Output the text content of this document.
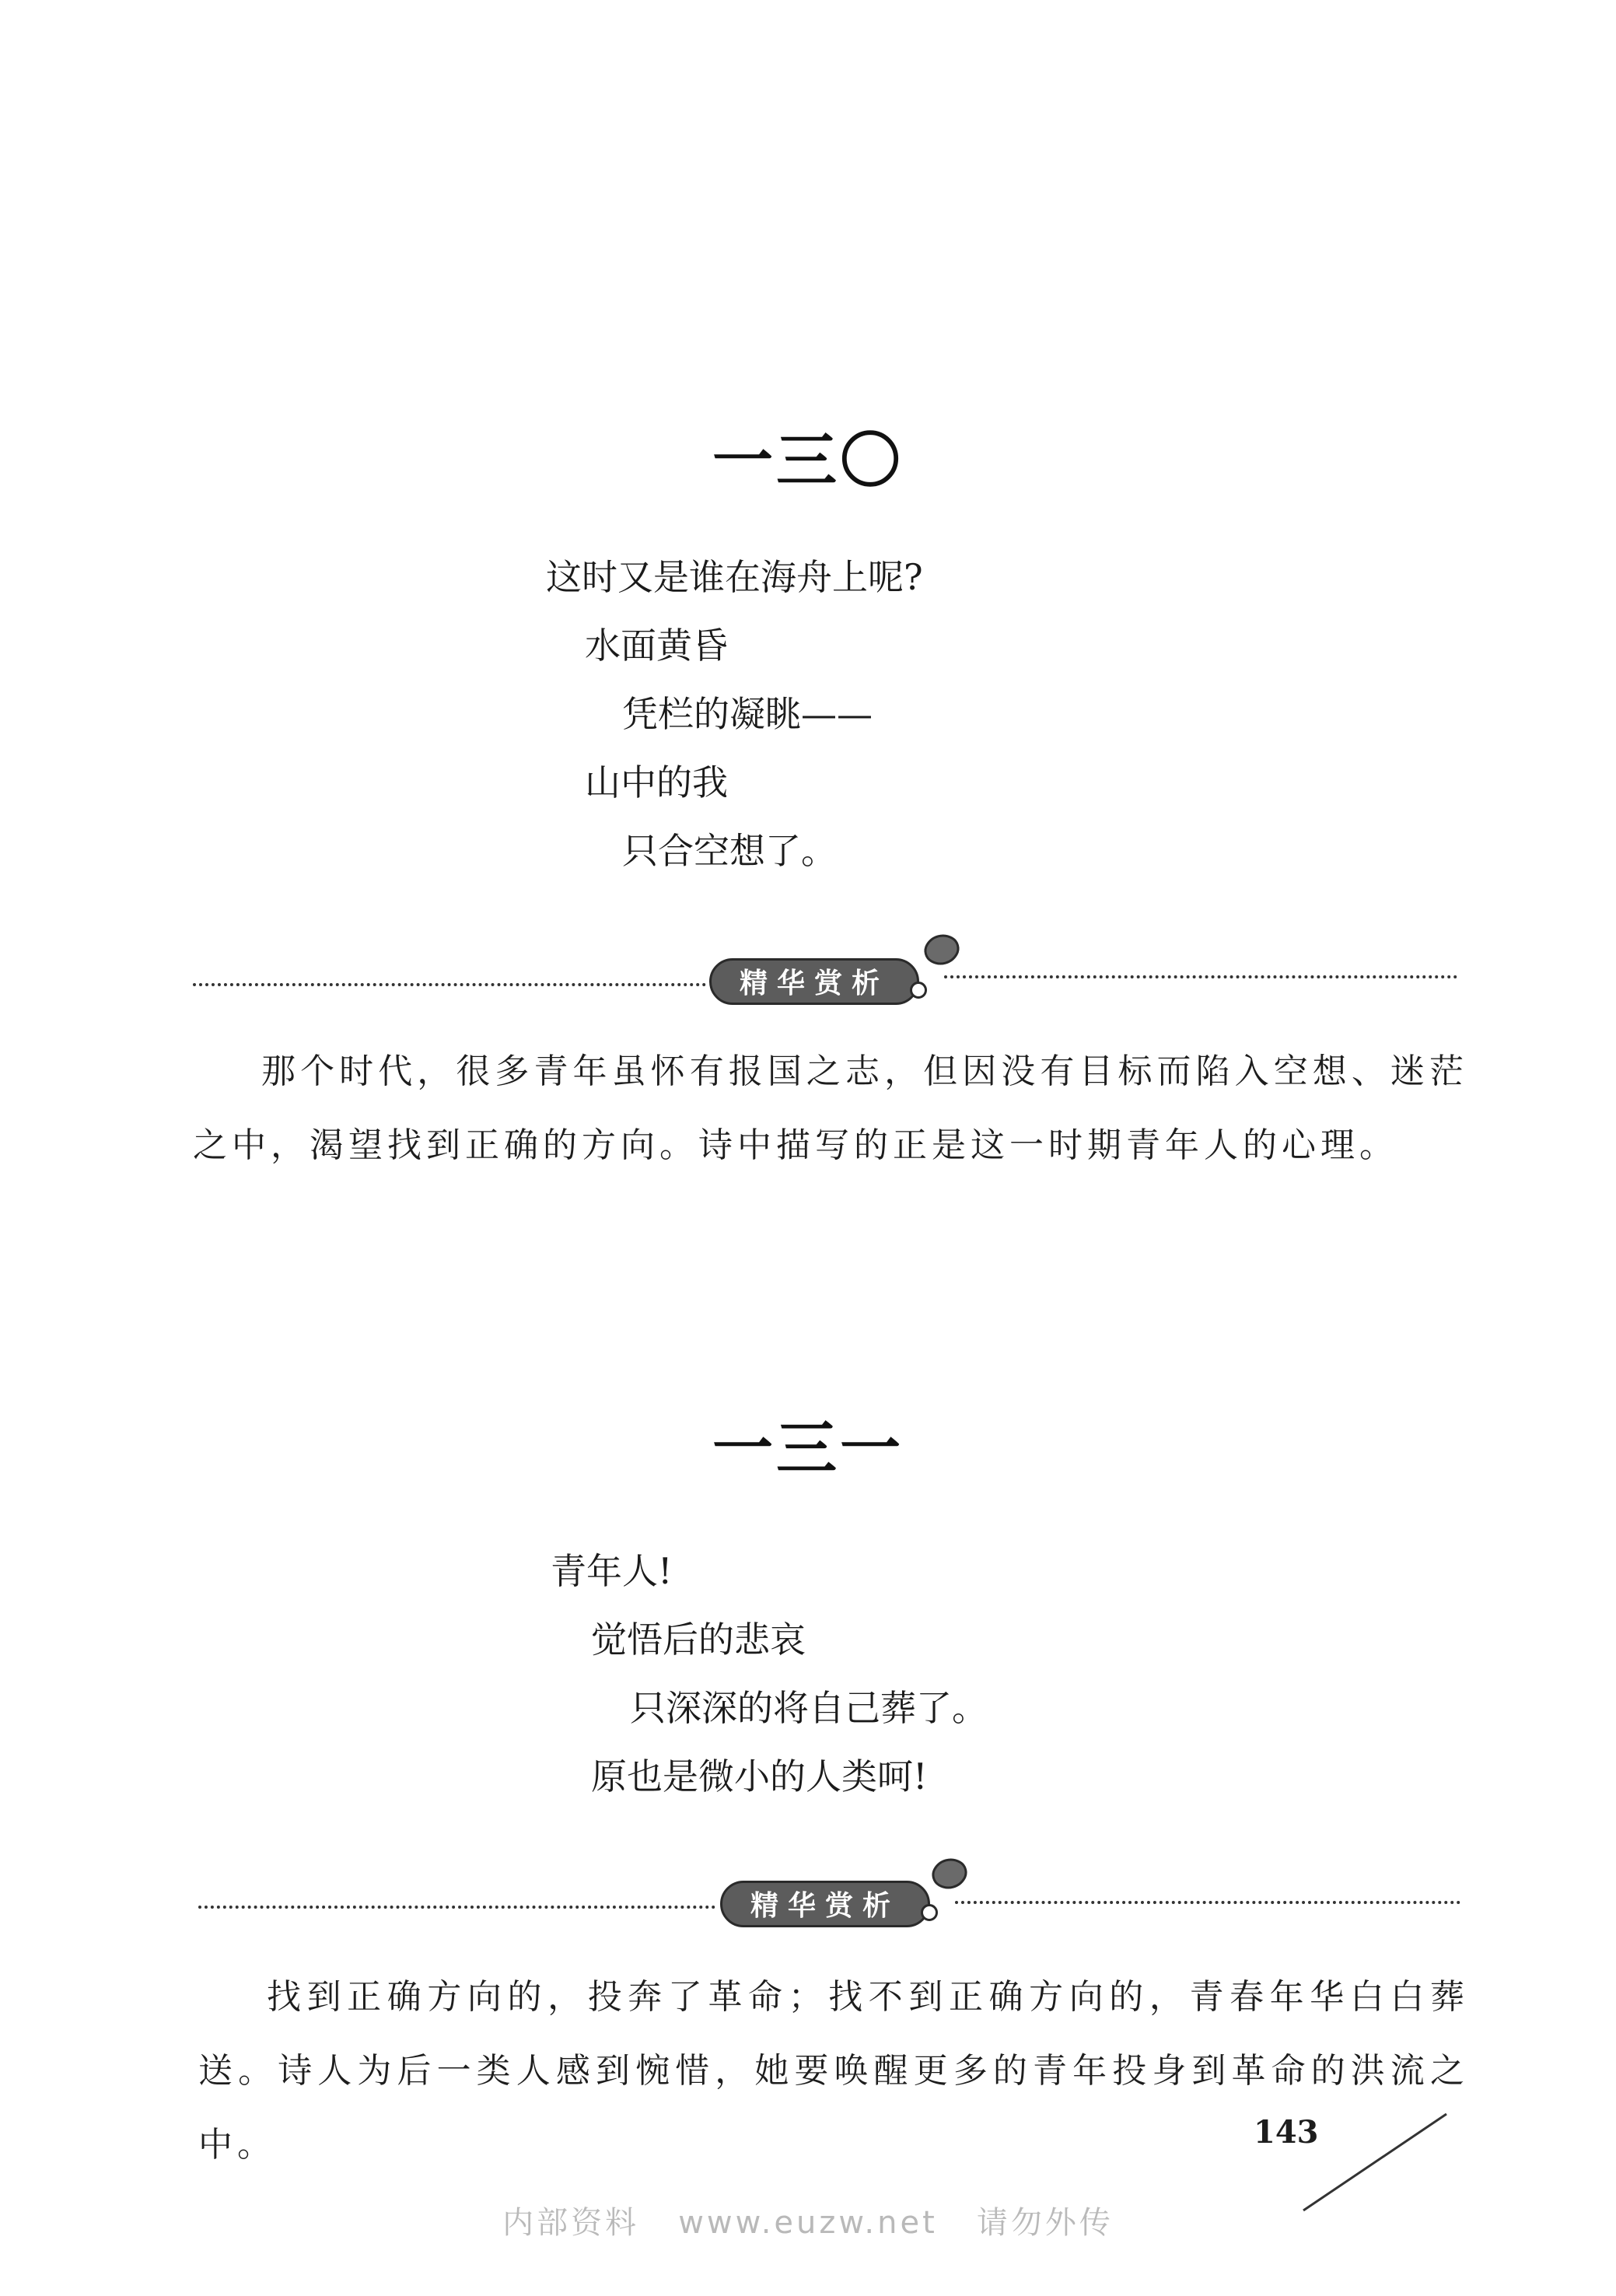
一三〇
这时又是谁在海舟上呢?
水面黄昏
凭栏的凝眺——
山中的我
只合空想了。
精华赏析
那个时代，很多青年虽怀有报国之志，但因没有目标而陷入空想、迷茫之中，渴望找到正确的方向。诗中描写的正是这一时期青年人的心理。
一三一
青年人!
觉悟后的悲哀
只深深的将自己葬了。
原也是微小的人类呵!
精华赏析
找到正确方向的，投奔了革命；找不到正确方向的，青春年华白白葬送。诗人为后一类人感到惋惜，她要唤醒更多的青年投身到革命的洪流之中。	143
内部资料   www.euzw.net   请勿外传
